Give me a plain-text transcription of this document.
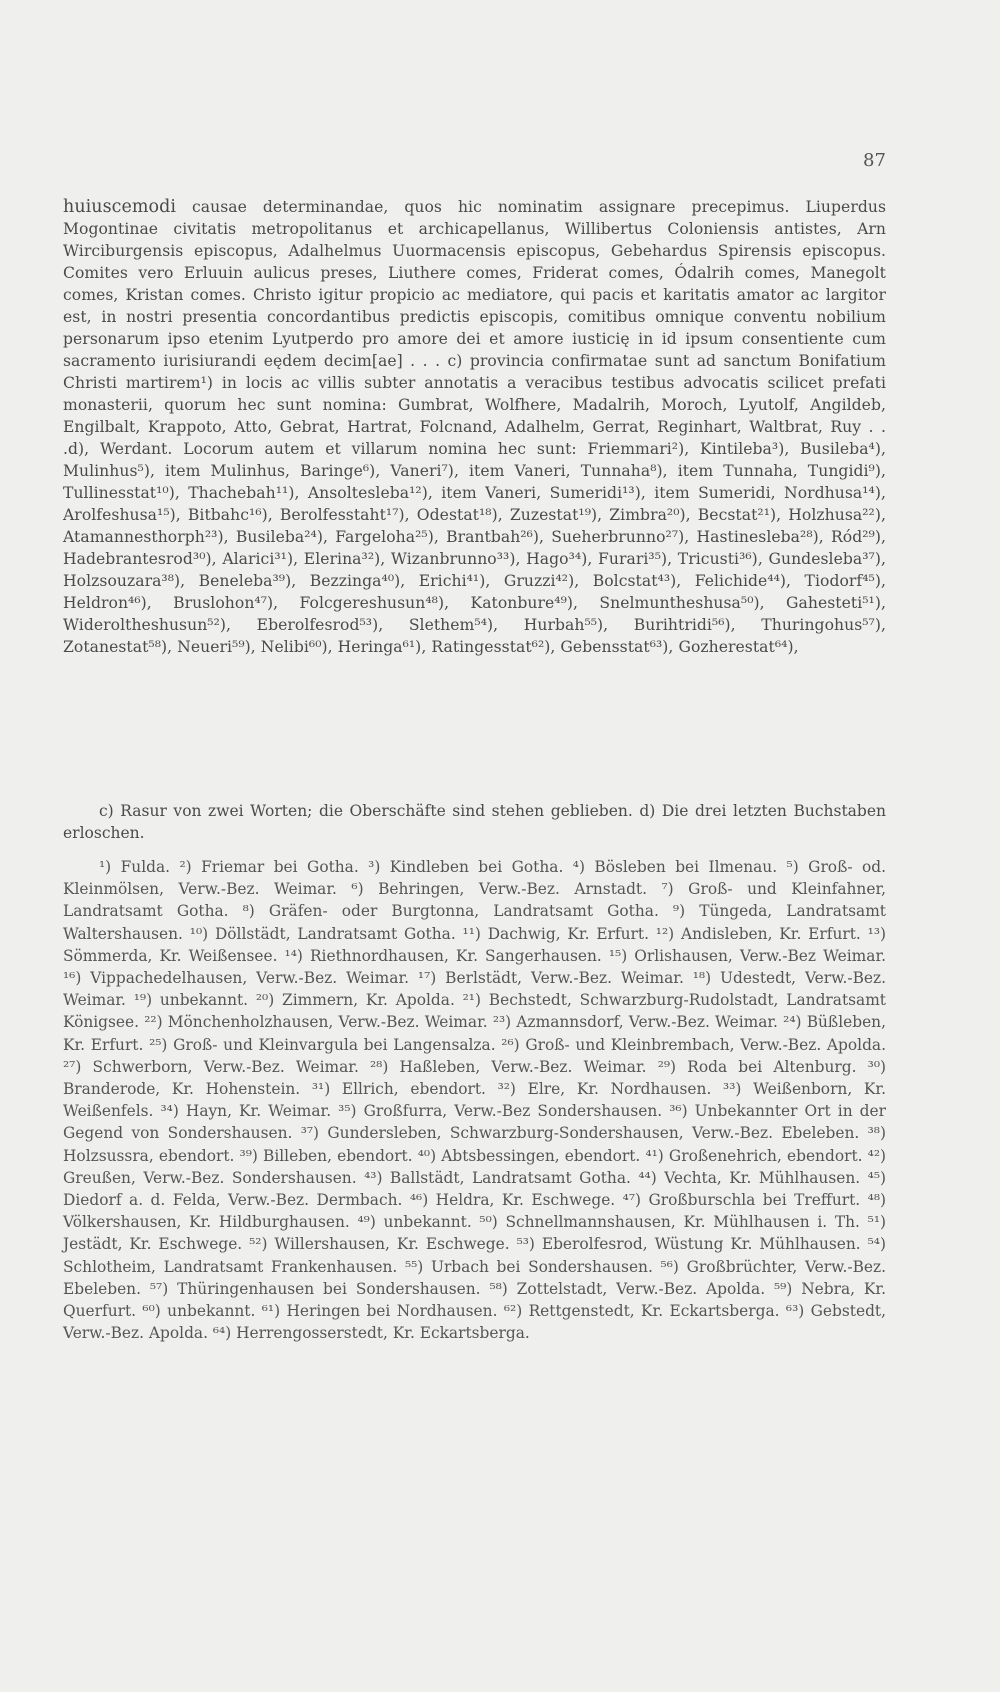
87

huiuscemodi causae determinandae, quos hic nominatim assignare precepimus. Liuperdus Mogontinae civitatis metropolitanus et archicapellanus, Willibertus Coloniensis antistes, Arn Wirciburgensis episcopus, Adalhelmus Uuormacensis episcopus, Gebehardus Spirensis episcopus. Comites vero Erluuin aulicus preses, Liuthere comes, Friderat comes, Ódalrih comes, Manegolt comes, Kristan comes. Christo igitur propicio ac mediatore, qui pacis et karitatis amator ac largitor est, in nostri presentia concordantibus predictis episcopis, comitibus omnique conventu nobilium personarum ipso etenim Lyutperdo pro amore dei et amore iusticię in id ipsum consentiente cum sacramento iurisiurandi eędem decim[ae] . . . c) provincia confirmatae sunt ad sanctum Bonifatium Christi martirem¹) in locis ac villis subter annotatis a veracibus testibus advocatis scilicet prefati monasterii, quorum hec sunt nomina: Gumbrat, Wolfhere, Madalrih, Moroch, Lyutolf, Angildeb, Engilbalt, Krappoto, Atto, Gebrat, Hartrat, Folcnand, Adalhelm, Gerrat, Reginhart, Waltbrat, Ruy . . .d), Werdant. Locorum autem et villarum nomina hec sunt: Friemmari²), Kintileba³), Busileba⁴), Mulinhus⁵), item Mulinhus, Baringe⁶), Vaneri⁷), item Vaneri, Tunnaha⁸), item Tunnaha, Tungidi⁹), Tullinesstat¹⁰), Thachebah¹¹), Ansoltesleba¹²), item Vaneri, Sumeridi¹³), item Sumeridi, Nordhusa¹⁴), Arolfeshusa¹⁵), Bitbahc¹⁶), Berolfesstaht¹⁷), Odestat¹⁸), Zuzestat¹⁹), Zimbra²⁰), Becstat²¹), Holzhusa²²), Atamannesthorph²³), Busileba²⁴), Fargeloha²⁵), Brantbah²⁶), Sueherbrunno²⁷), Hastinesleba²⁸), Ród²⁹), Hadebrantesrod³⁰), Alarici³¹), Elerina³²), Wizanbrunno³³), Hago³⁴), Furari³⁵), Tricusti³⁶), Gundesleba³⁷), Holzsouzara³⁸), Beneleba³⁹), Bezzinga⁴⁰), Erichi⁴¹), Gruzzi⁴²), Bolcstat⁴³), Felichide⁴⁴), Tiodorf⁴⁵), Heldron⁴⁶), Bruslohon⁴⁷), Folcgereshusun⁴⁸), Katonbure⁴⁹), Snelmuntheshusa⁵⁰), Gahesteti⁵¹), Wideroltheshusun⁵²), Eberolfesrod⁵³), Slethem⁵⁴), Hurbah⁵⁵), Burihtridi⁵⁶), Thuringohus⁵⁷), Zotanestat⁵⁸), Neueri⁵⁹), Nelibi⁶⁰), Heringa⁶¹), Ratingesstat⁶²), Gebensstat⁶³), Gozherestat⁶⁴),

c) Rasur von zwei Worten; die Oberschäfte sind stehen geblieben. d) Die drei letzten Buchstaben erloschen.

¹) Fulda. ²) Friemar bei Gotha. ³) Kindleben bei Gotha. ⁴) Bösleben bei Ilmenau. ⁵) Groß- od. Kleinmölsen, Verw.-Bez. Weimar. ⁶) Behringen, Verw.-Bez. Arnstadt. ⁷) Groß- und Kleinfahner, Landratsamt Gotha. ⁸) Gräfen- oder Burgtonna, Landratsamt Gotha. ⁹) Tüngeda, Landratsamt Waltershausen. ¹⁰) Döllstädt, Landratsamt Gotha. ¹¹) Dachwig, Kr. Erfurt. ¹²) Andisleben, Kr. Erfurt. ¹³) Sömmerda, Kr. Weißensee. ¹⁴) Riethnordhausen, Kr. Sangerhausen. ¹⁵) Orlishausen, Verw.-Bez Weimar. ¹⁶) Vippachedelhausen, Verw.-Bez. Weimar. ¹⁷) Berlstädt, Verw.-Bez. Weimar. ¹⁸) Udestedt, Verw.-Bez. Weimar. ¹⁹) unbekannt. ²⁰) Zimmern, Kr. Apolda. ²¹) Bechstedt, Schwarzburg-Rudolstadt, Landratsamt Königsee. ²²) Mönchenholzhausen, Verw.-Bez. Weimar. ²³) Azmannsdorf, Verw.-Bez. Weimar. ²⁴) Büßleben, Kr. Erfurt. ²⁵) Groß- und Kleinvargula bei Langensalza. ²⁶) Groß- und Kleinbrembach, Verw.-Bez. Apolda. ²⁷) Schwerborn, Verw.-Bez. Weimar. ²⁸) Haßleben, Verw.-Bez. Weimar. ²⁹) Roda bei Altenburg. ³⁰) Branderode, Kr. Hohenstein. ³¹) Ellrich, ebendort. ³²) Elre, Kr. Nordhausen. ³³) Weißenborn, Kr. Weißenfels. ³⁴) Hayn, Kr. Weimar. ³⁵) Großfurra, Verw.-Bez Sondershausen. ³⁶) Unbekannter Ort in der Gegend von Sondershausen. ³⁷) Gundersleben, Schwarzburg-Sondershausen, Verw.-Bez. Ebeleben. ³⁸) Holzsussra, ebendort. ³⁹) Billeben, ebendort. ⁴⁰) Abtsbessingen, ebendort. ⁴¹) Großenehrich, ebendort. ⁴²) Greußen, Verw.-Bez. Sondershausen. ⁴³) Ballstädt, Landratsamt Gotha. ⁴⁴) Vechta, Kr. Mühlhausen. ⁴⁵) Diedorf a. d. Felda, Verw.-Bez. Dermbach. ⁴⁶) Heldra, Kr. Eschwege. ⁴⁷) Großburschla bei Treffurt. ⁴⁸) Völkershausen, Kr. Hildburghausen. ⁴⁹) unbekannt. ⁵⁰) Schnellmannshausen, Kr. Mühlhausen i. Th. ⁵¹) Jestädt, Kr. Eschwege. ⁵²) Willershausen, Kr. Eschwege. ⁵³) Eberolfesrod, Wüstung Kr. Mühlhausen. ⁵⁴) Schlotheim, Landratsamt Frankenhausen. ⁵⁵) Urbach bei Sondershausen. ⁵⁶) Großbrüchter, Verw.-Bez. Ebeleben. ⁵⁷) Thüringenhausen bei Sondershausen. ⁵⁸) Zottelstadt, Verw.-Bez. Apolda. ⁵⁹) Nebra, Kr. Querfurt. ⁶⁰) unbekannt. ⁶¹) Heringen bei Nordhausen. ⁶²) Rettgenstedt, Kr. Eckartsberga. ⁶³) Gebstedt, Verw.-Bez. Apolda. ⁶⁴) Herrengosserstedt, Kr. Eckartsberga.
